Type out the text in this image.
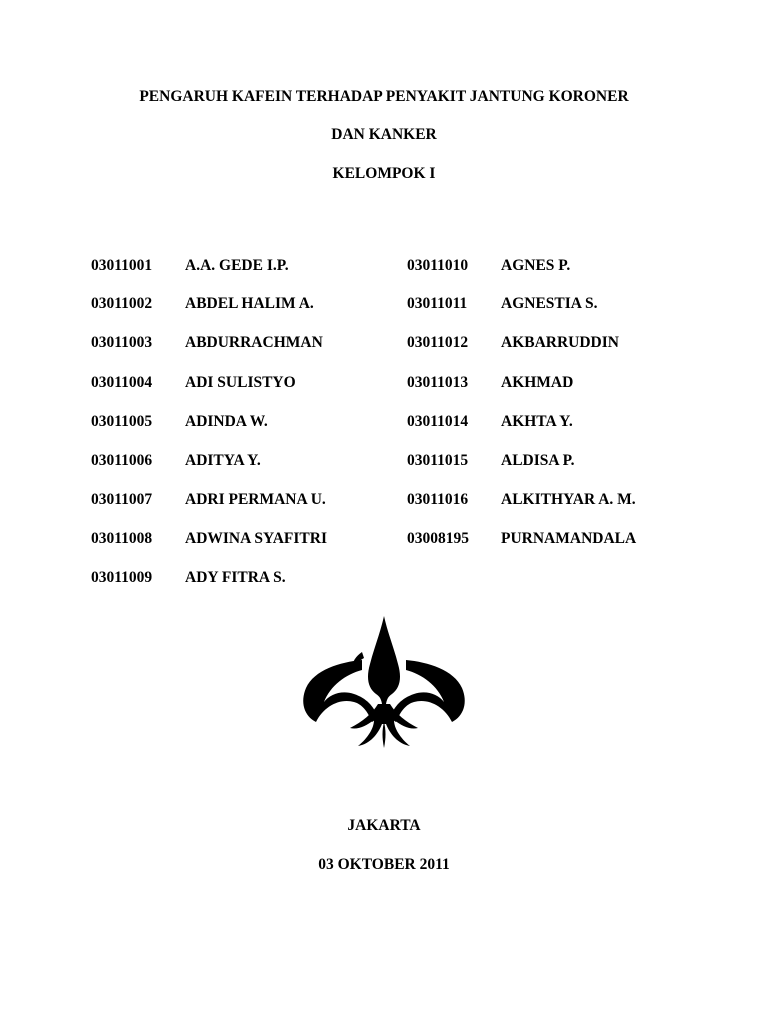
PENGARUH KAFEIN TERHADAP PENYAKIT JANTUNG KORONER
DAN KANKER
KELOMPOK I
03011001 A.A. GEDE I.P.
03011002 ABDEL HALIM A.
03011003 ABDURRACHMAN
03011004 ADI SULISTYO
03011005 ADINDA W.
03011006 ADITYA Y.
03011007 ADRI PERMANA U.
03011008 ADWINA SYAFITRI
03011009 ADY FITRA S.
03011010 AGNES P.
03011011 AGNESTIA S.
03011012 AKBARRUDDIN
03011013 AKHMAD
03011014 AKHTA Y.
03011015 ALDISA P.
03011016 ALKITHYAR A. M.
03008195 PURNAMANDALA
JAKARTA
03 OKTOBER 2011
